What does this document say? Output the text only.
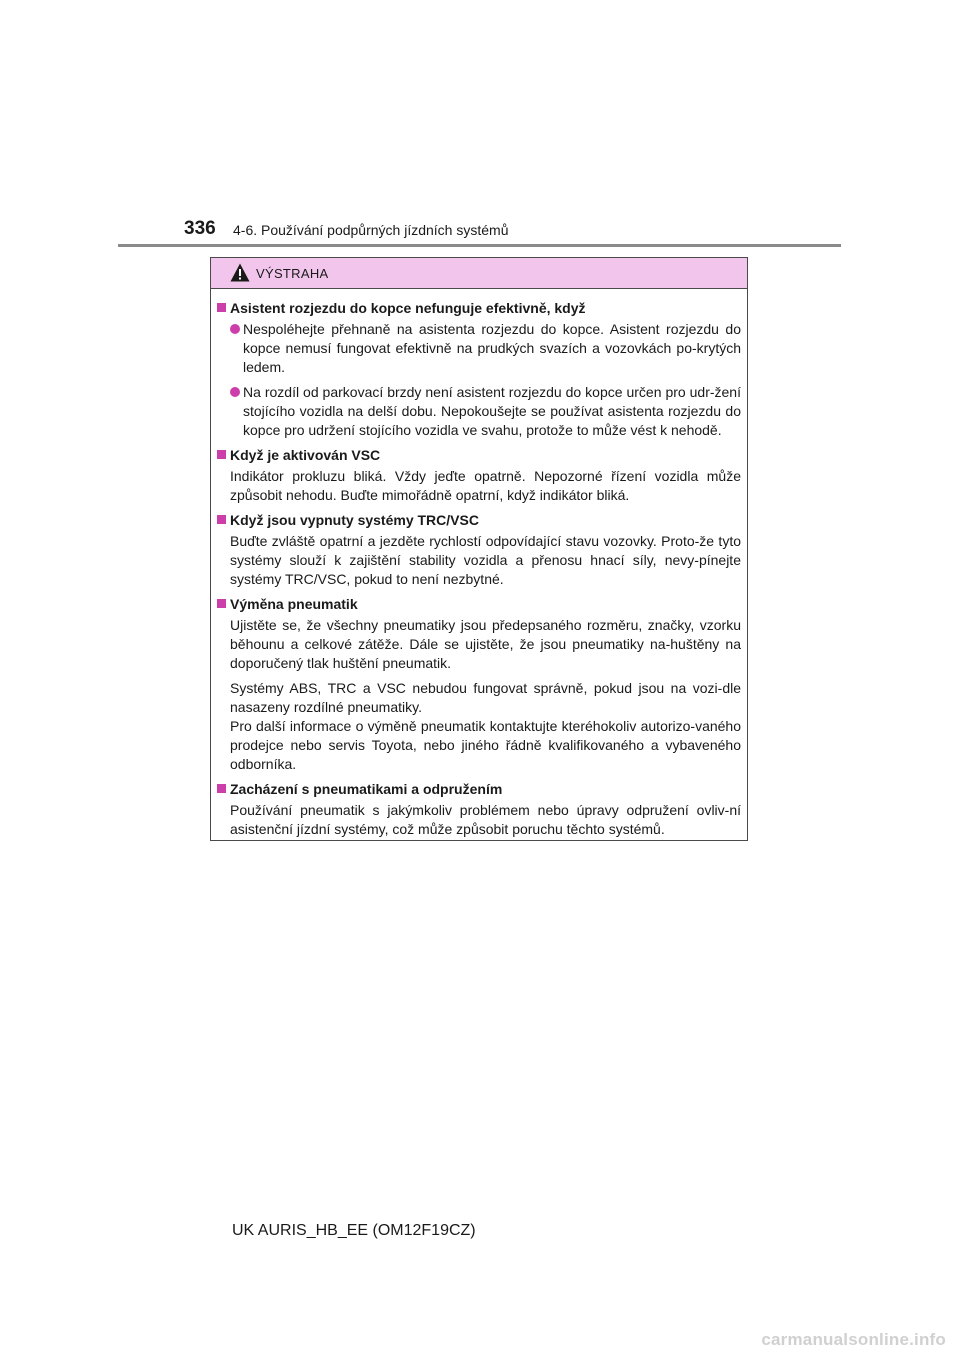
336 4-6. Používání podpůrných jízdních systémů
VÝSTRAHA
Asistent rozjezdu do kopce nefunguje efektivně, když
Nespoléhejte přehnaně na asistenta rozjezdu do kopce. Asistent rozjezdu do kopce nemusí fungovat efektivně na prudkých svazích a vozovkách po-krytých ledem.
Na rozdíl od parkovací brzdy není asistent rozjezdu do kopce určen pro udr-žení stojícího vozidla na delší dobu. Nepokoušejte se používat asistenta rozjezdu do kopce pro udržení stojícího vozidla ve svahu, protože to může vést k nehodě.
Když je aktivován VSC
Indikátor prokluzu bliká. Vždy jeďte opatrně. Nepozorné řízení vozidla může způsobit nehodu. Buďte mimořádně opatrní, když indikátor bliká.
Když jsou vypnuty systémy TRC/VSC
Buďte zvláště opatrní a jezděte rychlostí odpovídající stavu vozovky. Proto-že tyto systémy slouží k zajištění stability vozidla a přenosu hnací síly, nevy-pínejte systémy TRC/VSC, pokud to není nezbytné.
Výměna pneumatik
Ujistěte se, že všechny pneumatiky jsou předepsaného rozměru, značky, vzorku běhounu a celkové zátěže. Dále se ujistěte, že jsou pneumatiky na-huštěny na doporučený tlak huštění pneumatik.
Systémy ABS, TRC a VSC nebudou fungovat správně, pokud jsou na vozi-dle nasazeny rozdílné pneumatiky.
Pro další informace o výměně pneumatik kontaktujte kteréhokoliv autorizo-vaného prodejce nebo servis Toyota, nebo jiného řádně kvalifikovaného a vybaveného odborníka.
Zacházení s pneumatikami a odpružením
Používání pneumatik s jakýmkoliv problémem nebo úpravy odpružení ovliv-ní asistenční jízdní systémy, což může způsobit poruchu těchto systémů.
UK AURIS_HB_EE (OM12F19CZ)
carmanualsonline.info
